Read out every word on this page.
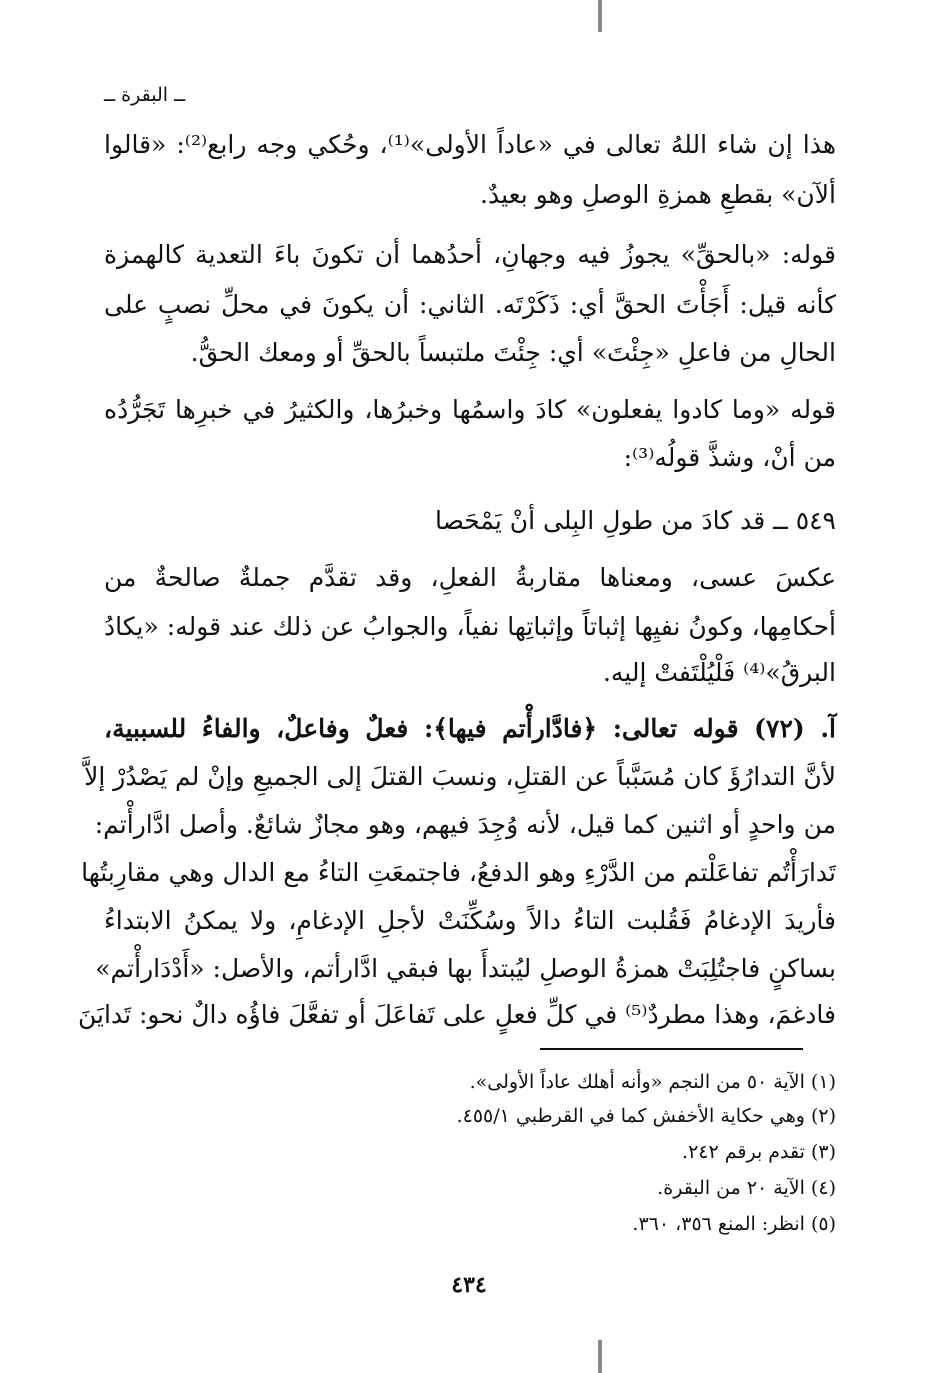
ــ البقرة ــ
هذا إن شاء اللهُ تعالى في «عاداً الأولى»⁽¹⁾، وحُكي وجه رابع⁽²⁾: «قالوا
ألآن» بقطعِ همزةِ الوصلِ وهو بعيدٌ.
قوله: «بالحقِّ» يجوزُ فيه وجهانِ، أحدُهما أن تكونَ باءَ التعدية كالهمزة
كأنه قيل: أَجَأْتَ الحقَّ أي: ذَكَرْتَه. الثاني: أن يكونَ في محلِّ نصبٍ على
الحالِ من فاعلِ «جِئْتَ» أي: جِئْتَ ملتبساً بالحقِّ أو ومعك الحقُّ.
قوله «وما كادوا يفعلون» كادَ واسمُها وخبرُها، والكثيرُ في خبرِها تَجَرُّدُه
من أنْ، وشذَّ قولُه⁽³⁾:
٥٤٩ ــ قد كادَ من طولِ البِلى أنْ يَمْحَصا
عكسَ عسى، ومعناها مقاربةُ الفعلِ، وقد تقدَّم جملةٌ صالحةٌ من
أحكامِها، وكونُ نفيِها إثباتاً وإثباتِها نفياً، والجوابُ عن ذلك عند قوله: «يكادُ
البرقُ»⁽⁴⁾ فَلْيُلْتَفتْ إليه.
آ. (٧٢) قوله تعالى: ﴿فادَّارأْتم فيها﴾: فعلٌ وفاعلٌ، والفاءُ للسببية،
لأنَّ التدارُؤَ كان مُسَبَّباً عن القتلِ، ونسبَ القتلَ إلى الجميعِ وإنْ لم يَصْدُرْ إلاَّ
من واحدٍ أو اثنين كما قيل، لأنه وُجِدَ فيهم، وهو مجازٌ شائعٌ. وأصل ادَّارأْتم:
تَدارَأْتُم تفاعَلْتم من الدَّرْءِ وهو الدفعُ، فاجتمعَتِ التاءُ مع الدال وهي مقارِبتُها
فأريدَ الإدغامُ فَقُلبت التاءُ دالاً وسُكِّنَتْ لأجلِ الإدغامِ، ولا يمكنُ الابتداءُ
بساكنٍ فاجتُلِبَتْ همزةُ الوصلِ ليُبتدأَ بها فبقي ادَّارأتم، والأصل: «أَدْدَارأْتم»
فادغمَ، وهذا مطردٌ⁽⁵⁾ في كلِّ فعلٍ على تَفاعَلَ أو تفعَّلَ فاؤُه دالٌ نحو: تَدايَنَ
(١) الآية ٥٠ من النجم «وأنه أهلك عاداً الأولى».
(٢) وهي حكاية الأخفش كما في القرطبي ٤٥٥/١.
(٣) تقدم برقم ٢٤٢.
(٤) الآية ٢٠ من البقرة.
(٥) انظر: المنع ٣٥٦، ٣٦٠.
٤٣٤
